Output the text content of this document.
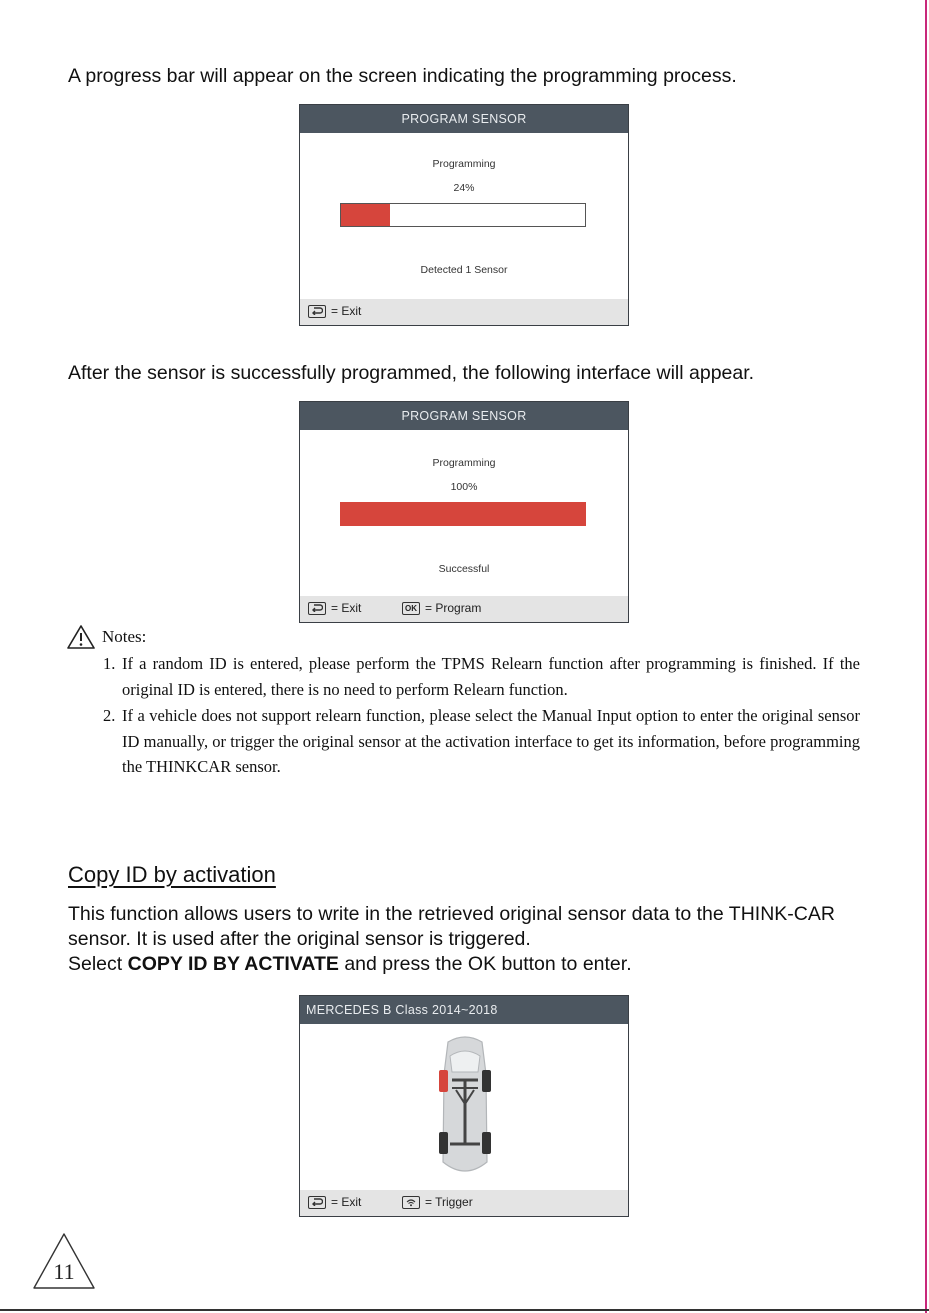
A progress bar will appear on the screen indicating the programming process.

PROGRAM SENSOR
Programming
24%
Detected 1 Sensor
= Exit

After the sensor is successfully programmed, the following interface will appear.

PROGRAM SENSOR
Programming
100%
Successful
= Exit	OK = Program
Notes:

1. If a random ID is entered, please perform the TPMS Relearn function after programming is finished. If the original ID is entered, there is no need to perform Relearn function.

2. If a vehicle does not support relearn function, please select the Manual Input option to enter the original sensor ID manually, or trigger the original sensor at the activation interface to get its information, before programming the THINKCAR sensor.

Copy ID by activation

This function allows users to write in the retrieved original sensor data to the THINK-CAR sensor. It is used after the original sensor is triggered.
Select COPY ID BY ACTIVATE and press the OK button to enter.

MERCEDES B Class 2014~2018
= Exit	= Trigger
11
